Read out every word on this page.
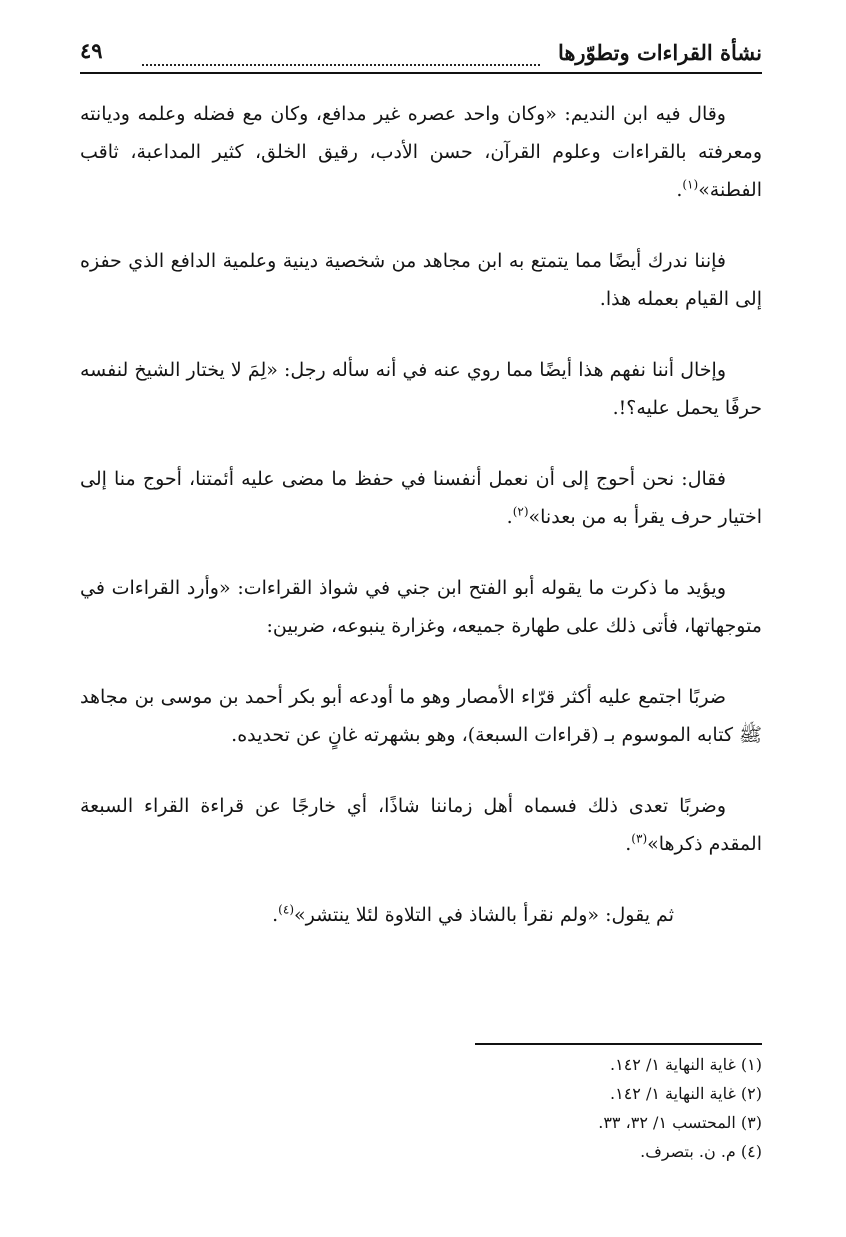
نشأة القراءات وتطوّرها
٤٩

وقال فيه ابن النديم: «وكان واحد عصره غير مدافع، وكان مع فضله وعلمه وديانته ومعرفته بالقراءات وعلوم القرآن، حسن الأدب، رقيق الخلق، كثير المداعبة، ثاقب الفطنة»$^{(١)}$.

فإننا ندرك أيضًا مما يتمتع به ابن مجاهد من شخصية دينية وعلمية الدافع الذي حفزه إلى القيام بعمله هذا.

وإخال أننا نفهم هذا أيضًا مما روي عنه في أنه سأله رجل: «لِمَ لا يختار الشيخ لنفسه حرفًا يحمل عليه؟!.

فقال: نحن أحوج إلى أن نعمل أنفسنا في حفظ ما مضى عليه أئمتنا، أحوج منا إلى اختيار حرف يقرأ به من بعدنا»$^{(٢)}$.

ويؤيد ما ذكرت ما يقوله أبو الفتح ابن جني في شواذ القراءات: «وأرد القراءات في متوجهاتها، فأتى ذلك على طهارة جميعه، وغزارة ينبوعه، ضربين:

ضربًا اجتمع عليه أكثر قرّاء الأمصار وهو ما أودعه أبو بكر أحمد بن موسى بن مجاهد ﷺ كتابه الموسوم بـ (قراءات السبعة)، وهو بشهرته غانٍ عن تحديده.

وضربًا تعدى ذلك فسماه أهل زماننا شاذًا، أي خارجًا عن قراءة القراء السبعة المقدم ذكرها»$^{(٣)}$.

ثم يقول: «ولم نقرأ بالشاذ في التلاوة لئلا ينتشر»$^{(٤)}$.

(١) غاية النهاية ١/ ١٤٢.
(٢) غاية النهاية ١/ ١٤٢.
(٣) المحتسب ١/ ٣٢، ٣٣.
(٤) م. ن. بتصرف.
